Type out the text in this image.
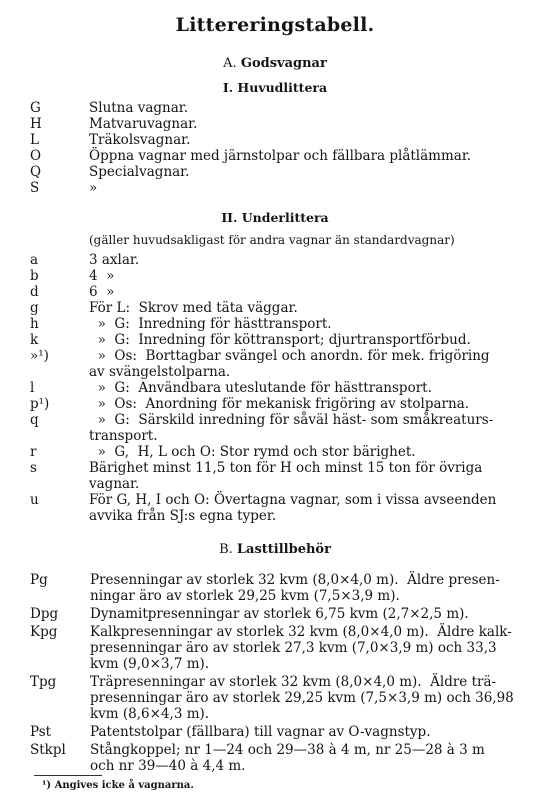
Littereringstabell.
A. Godsvagnar
I. Huvudlittera
G	Slutna vagnar.
H	Matvaruvagnar.
L	Träkolsvagnar.
O	Öppna vagnar med järnstolpar och fällbara plåtlämmar.
Q	Specialvagnar.
S	»
II. Underlittera
(gäller huvudsakligast för andra vagnar än standardvagnar)
a	3 axlar.
b	4  »
d	6  »
g	För L:  Skrov med täta väggar.
h	»  G:  Inredning för hästtransport.
k	»  G:  Inredning för köttransport; djurtransportförbud.
»¹)	»  Os:  Borttagbar svängel och anordn. för mek. frigöring
av svängelstolparna.
l	»  G:  Användbara uteslutande för hästtransport.
p¹)	»  Os:  Anordning för mekanisk frigöring av stolparna.
q	»  G:  Särskild inredning för såväl häst- som småkreaturs-
transport.
r	»  G,  H, L och O: Stor rymd och stor bärighet.
s	Bärighet minst 11,5 ton för H och minst 15 ton för övriga
vagnar.
u	För G, H, I och O: Övertagna vagnar, som i vissa avseenden
avvika från SJ:s egna typer.
B. Lasttillbehör
Pg	Presenningar av storlek 32 kvm (8,0×4,0 m).  Äldre presen-
ningar äro av storlek 29,25 kvm (7,5×3,9 m).
Dpg	Dynamitpresenningar av storlek 6,75 kvm (2,7×2,5 m).
Kpg	Kalkpresenningar av storlek 32 kvm (8,0×4,0 m).  Äldre kalk-
presenningar äro av storlek 27,3 kvm (7,0×3,9 m) och 33,3
kvm (9,0×3,7 m).
Tpg	Träpresenningar av storlek 32 kvm (8,0×4,0 m).  Äldre trä-
presenningar äro av storlek 29,25 kvm (7,5×3,9 m) och 36,98
kvm (8,6×4,3 m).
Pst	Patentstolpar (fällbara) till vagnar av O-vagnstyp.
Stkpl	Stångkoppel; nr 1—24 och 29—38 à 4 m, nr 25—28 à 3 m
och nr 39—40 à 4,4 m.
¹) Angives icke å vagnarna.
